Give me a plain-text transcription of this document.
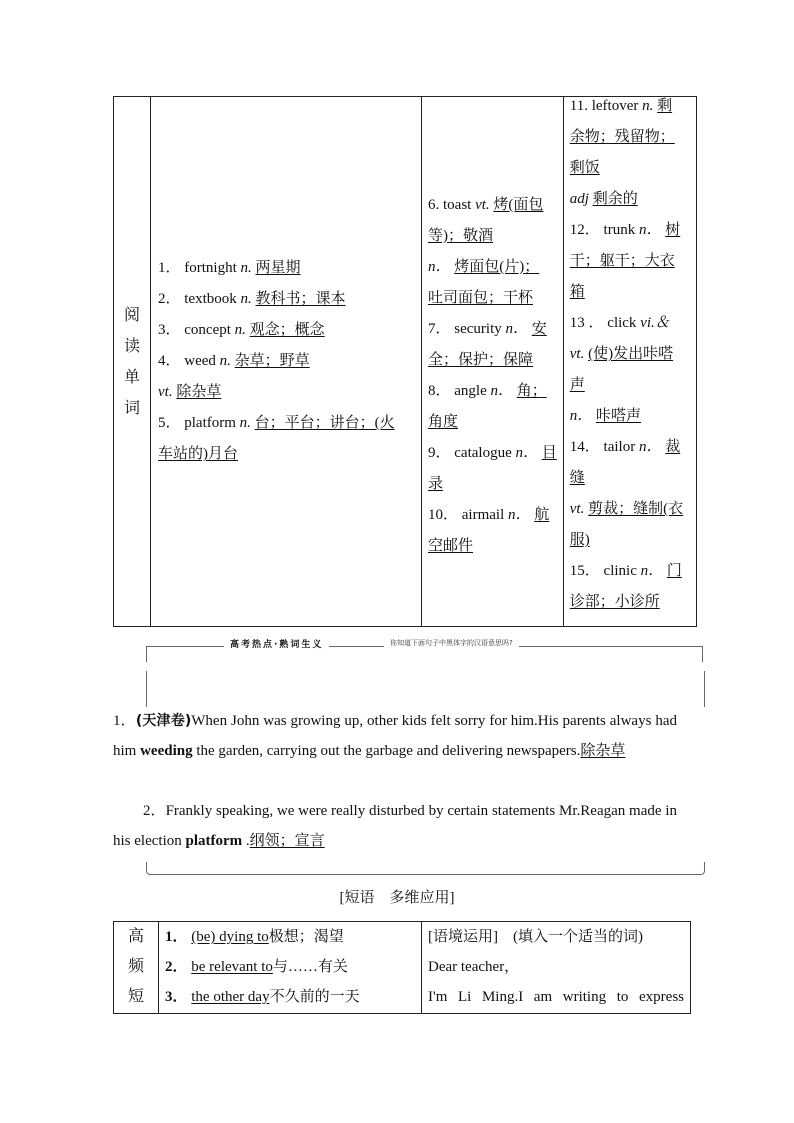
阅
读
单
词

1． fortnight n. 两星期
2． textbook n. 教科书；课本
3． concept n. 观念；概念
4． weed n. 杂草；野草
vt. 除杂草
5． platform n. 台；平台；讲台；(火
车站的)月台

6. toast vt. 烤(面包
等)；敬酒
n． 烤面包(片)；
吐司面包；干杯
7． security n． 安
全；保护；保障
8． angle n． 角；
角度
9． catalogue n． 目
录
10． airmail n． 航
空邮件

11. leftover n. 剩
余物；残留物；
剩饭
adj 剩余的
12． trunk n． 树
干；躯干；大衣
箱
13 ． click vi.＆
vt. (使)发出咔嗒
声
n． 咔嗒声
14． tailor n． 裁
缝
vt. 剪裁；缝制(衣
服)
15． clinic n． 门
诊部；小诊所
高考热点·熟词生义	你知道下面句子中黑体字的汉语意思吗?
1．(天津卷)When John was growing up, other kids felt sorry for him.His parents always had him weeding the garden, carrying out the garbage and delivering newspapers.除杂草
2．Frankly speaking, we were really disturbed by certain statements Mr.Reagan made in his election platform .纲领；宣言
[短语　多维应用]
高
频
短

1． (be) dying to极想；渴望
2． be relevant to与……有关
3． the other day不久前的一天

[语境运用]　 (填入一个适当的词)
Dear teacher，
I'm Li Ming.I am writing to express
